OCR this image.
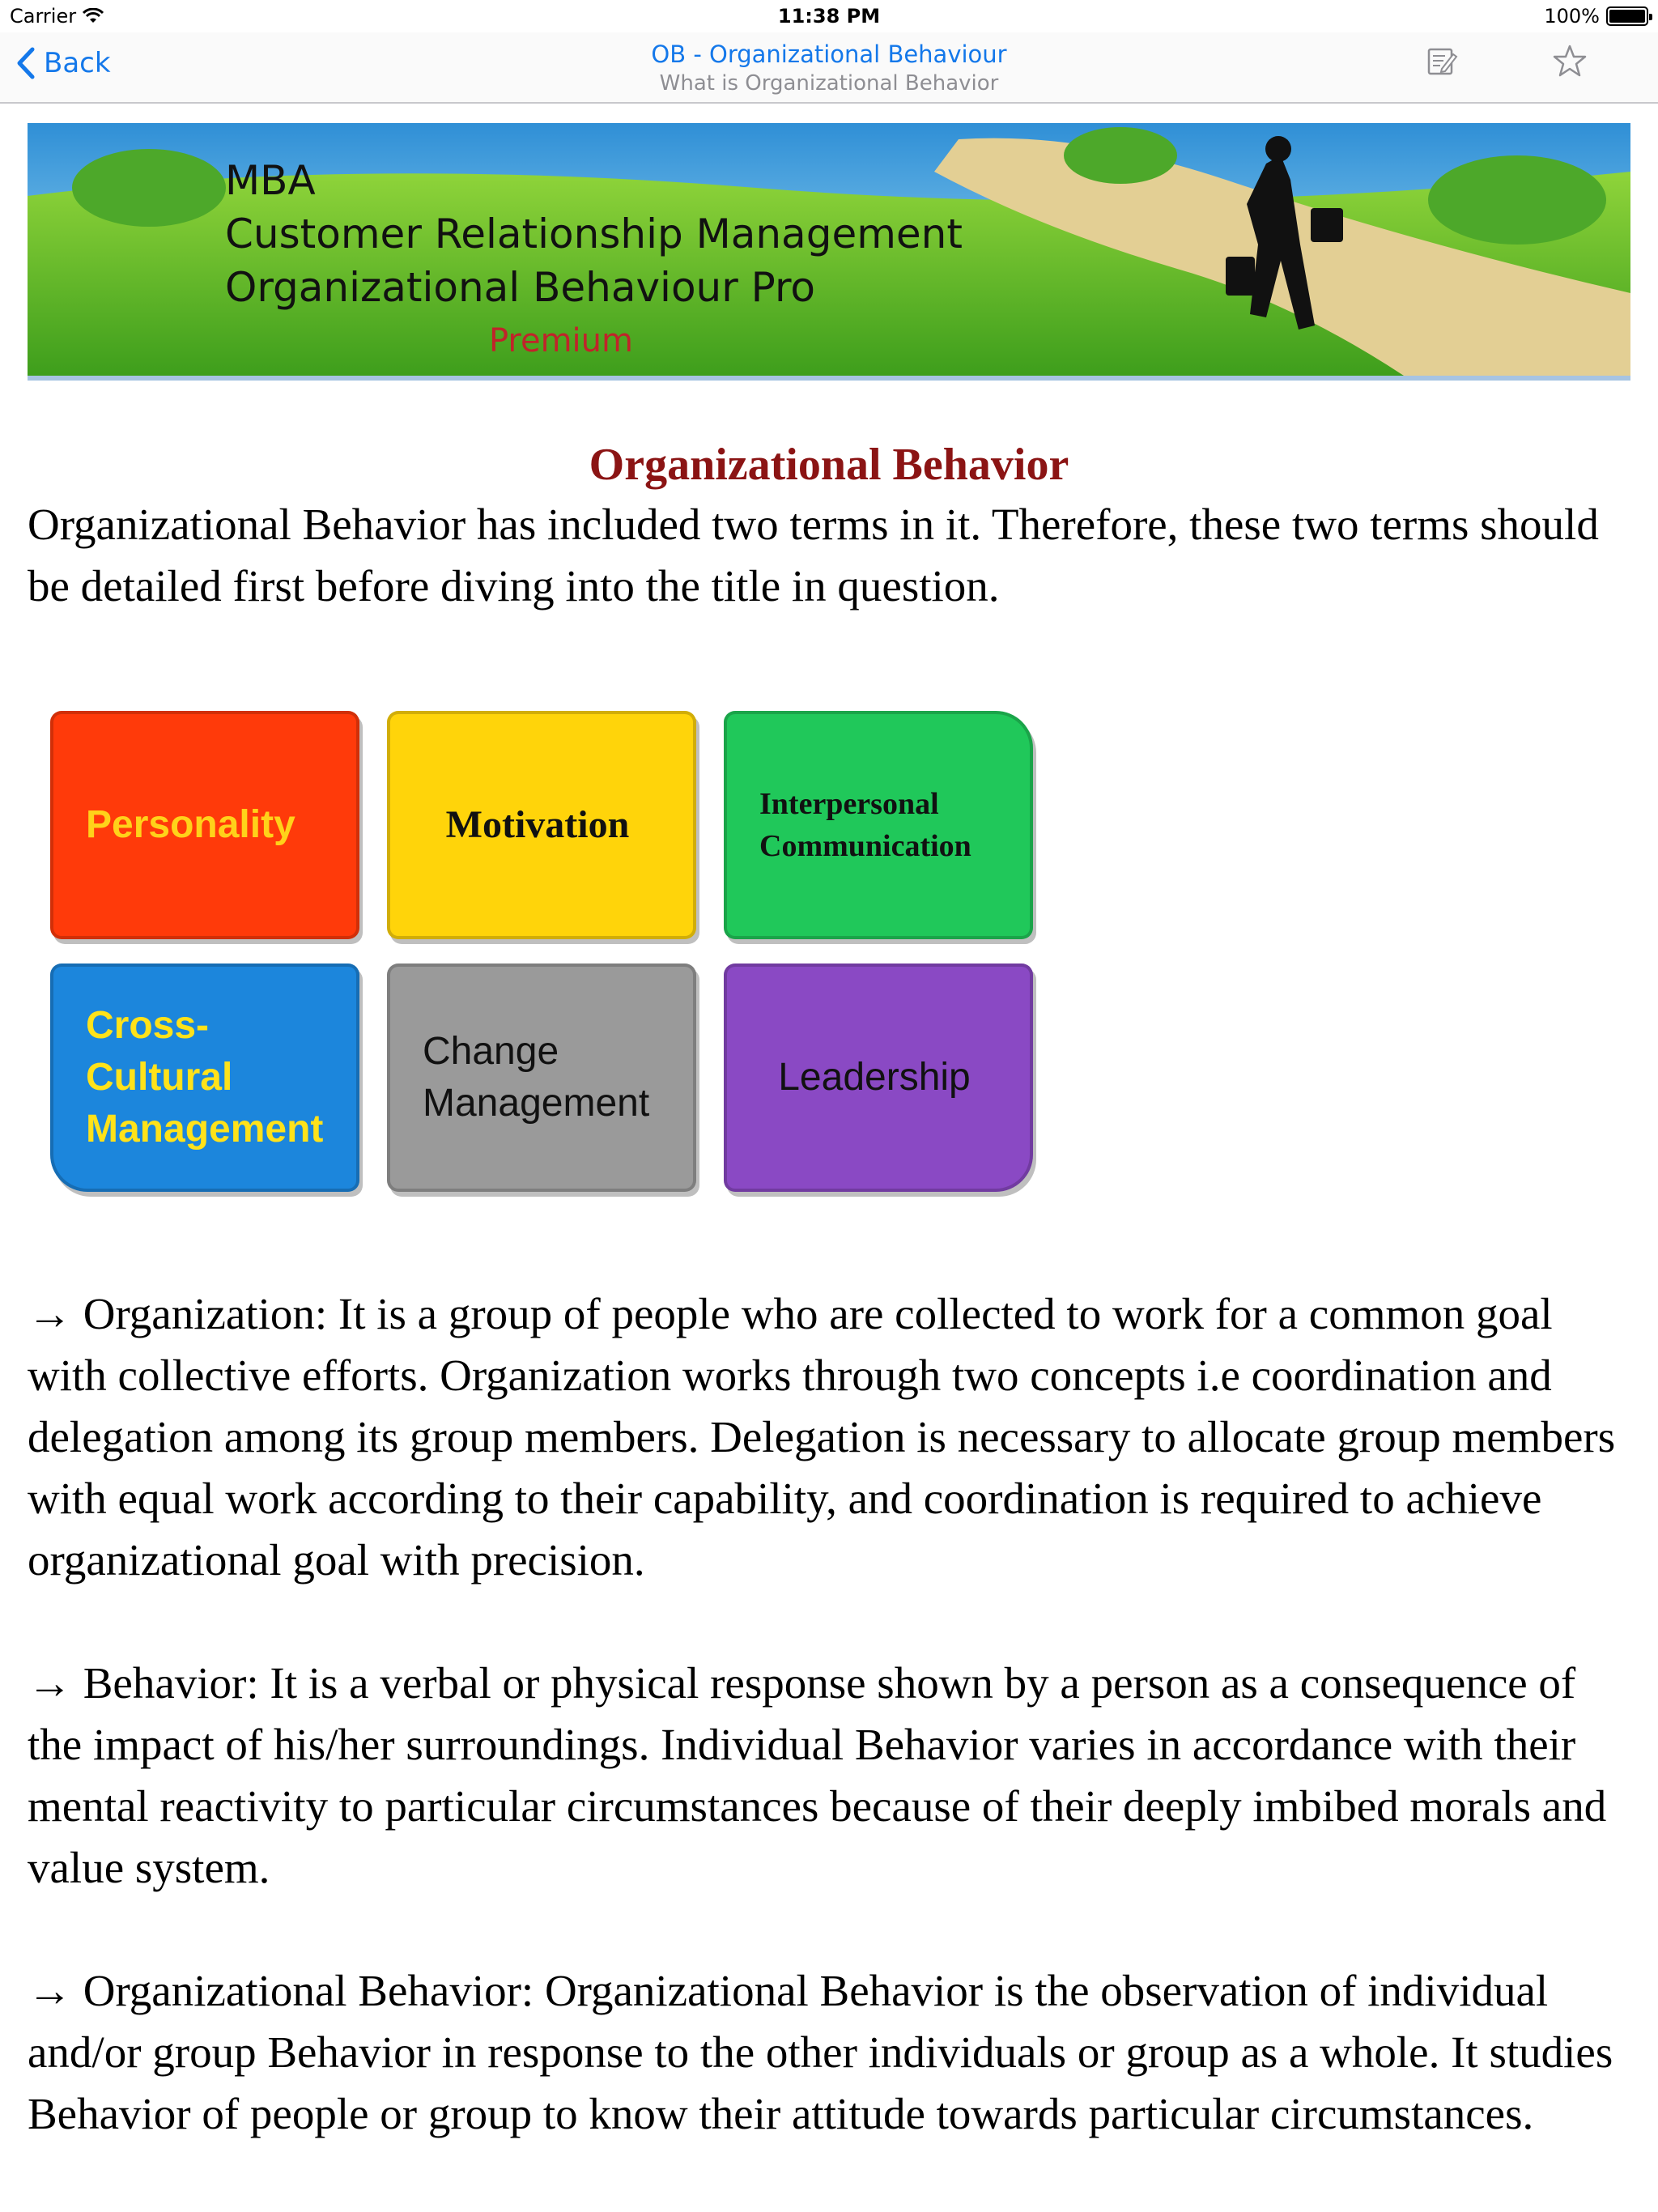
Carrier	11:38 PM	100%
Back	OB - Organizational Behaviour
What is Organizational Behavior
MBA
Customer Relationship Management
Organizational Behaviour Pro
Premium
Organizational Behavior

Organizational Behavior has included two terms in it. Therefore, these two terms should be detailed first before diving into the title in question.

Personality	Motivation	Interpersonal Communication
Cross-Cultural Management
Change Management
Leadership

→ Organization: It is a group of people who are collected to work for a common goal with collective efforts. Organization works through two concepts i.e coordination and delegation among its group members. Delegation is necessary to allocate group members with equal work according to their capability, and coordination is required to achieve organizational goal with precision.

→ Behavior: It is a verbal or physical response shown by a person as a consequence of the impact of his/her surroundings. Individual Behavior varies in accordance with their mental reactivity to particular circumstances because of their deeply imbibed morals and value system.

→ Organizational Behavior: Organizational Behavior is the observation of individual and/or group Behavior in response to the other individuals or group as a whole. It studies Behavior of people or group to know their attitude towards particular circumstances.
